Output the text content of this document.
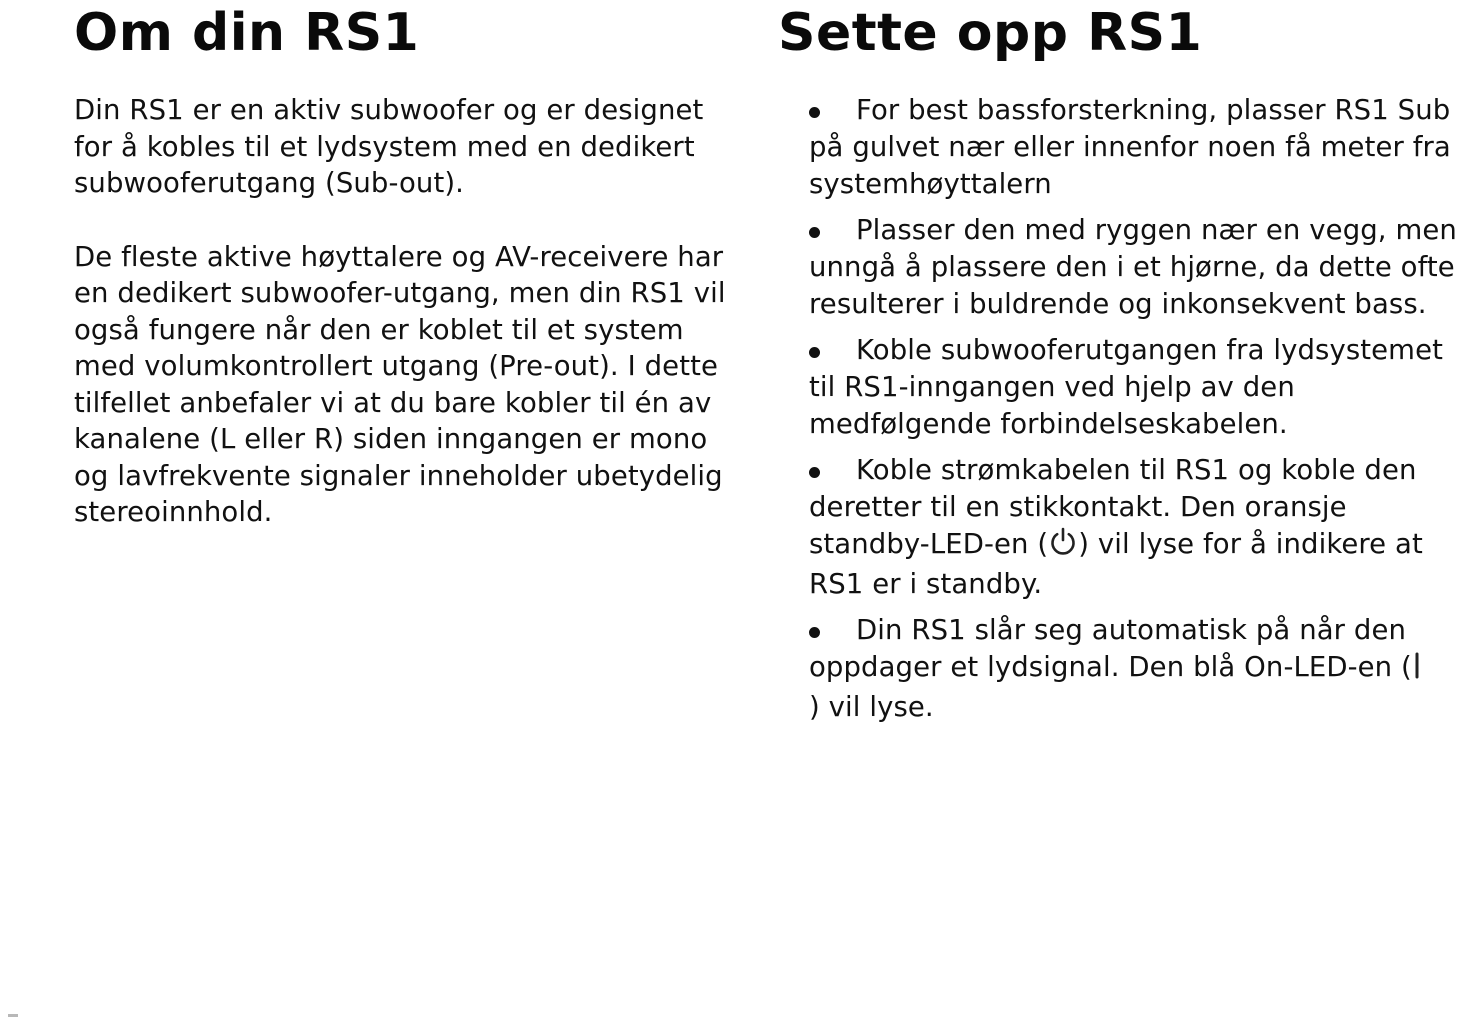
Om din RS1

Din RS1 er en aktiv subwoofer og er designet for å kobles til et lydsystem med en dedikert subwooferutgang (Sub-out).

De fleste aktive høyttalere og AV-receivere har en dedikert subwoofer-utgang, men din RS1 vil også fungere når den er koblet til et system med volumkontrollert utgang (Pre-out). I dette tilfellet anbefaler vi at du bare kobler til én av kanalene (L eller R) siden inngangen er mono og lavfrekvente signaler inneholder ubetydelig stereoinnhold.

Sette opp RS1
For best bassforsterkning, plasser RS1 Sub på gulvet nær eller innenfor noen få meter fra systemhøyttalern
Plasser den med ryggen nær en vegg, men unngå å plassere den i et hjørne, da dette ofte resulterer i buldrende og inkonsekvent bass.
Koble subwooferutgangen fra lydsystemet til RS1-inngangen ved hjelp av den medfølgende forbindelseskabelen.
Koble strømkabelen til RS1 og koble den deretter til en stikkontakt. Den oransje standby-LED-en ( ) vil lyse for å indikere at RS1 er i standby.
Din RS1 slår seg automatisk på når den oppdager et lydsignal. Den blå On-LED-en () vil lyse.
